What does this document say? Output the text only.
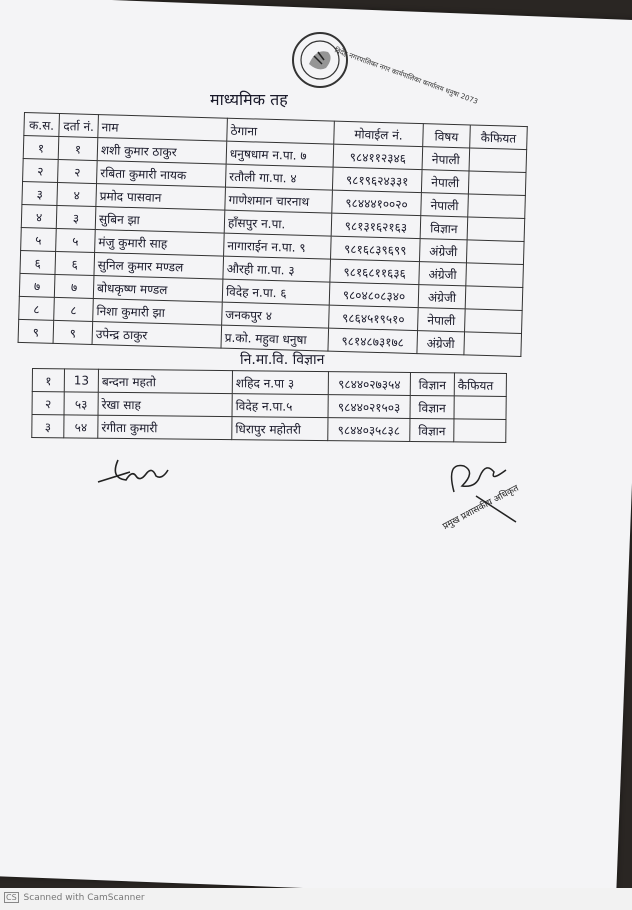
विदेह नगरपालिका नगर कार्यपालिका कार्यालय धनुषा 2073
माध्यमिक तह
क.स.	दर्ता नं.	नाम	ठेगाना	मोवाईल नं.	विषय	कैफियत
१	१	शशी कुमार ठाकुर	धनुषधाम न.पा. ७	९८४११२३४६	नेपाली	
२	२	रबिता कुमारी नायक	रतौली गा.पा. ४	९८१९६२४३३१	नेपाली	
३	४	प्रमोद पासवान	गाणेशमान चारनाथ	९८४४४१००२०	नेपाली	
४	३	सुबिन झा	हाँसपुर न.पा.	९८१३१६२१६३	विज्ञान	
५	५	मंजु कुमारी साह	नागाराईन न.पा. ९	९८१६८३९६९९	अंग्रेजी	
६	६	सुनिल कुमार मण्डल	औरही गा.पा. ३	९८१६८११६३६	अंग्रेजी	
७	७	बोधकृष्ण मण्डल	विदेह न.पा. ६	९८०४८०८३४०	अंग्रेजी	
८	८	निशा कुमारी झा	जनकपुर ४	९८६४५१९५१०	नेपाली	
९	९	उपेन्द्र ठाकुर	प्र.को. महुवा धनुषा	९८१४८७३१७८	अंग्रेजी	
नि.मा.वि. विज्ञान
१	13	बन्दना महतो	शहिद न.पा ३	९८४४०२७३५४	विज्ञान	कैफियत
२	५३	रेखा साह	विदेह न.पा.५	९८४४०२१५०३	विज्ञान	
३	५४	रंगीता कुमारी	धिरापुर महोतरी	९८४४०३५८३८	विज्ञान	
प्रमुख प्रशासकीय अधिकृत
CS Scanned with CamScanner
